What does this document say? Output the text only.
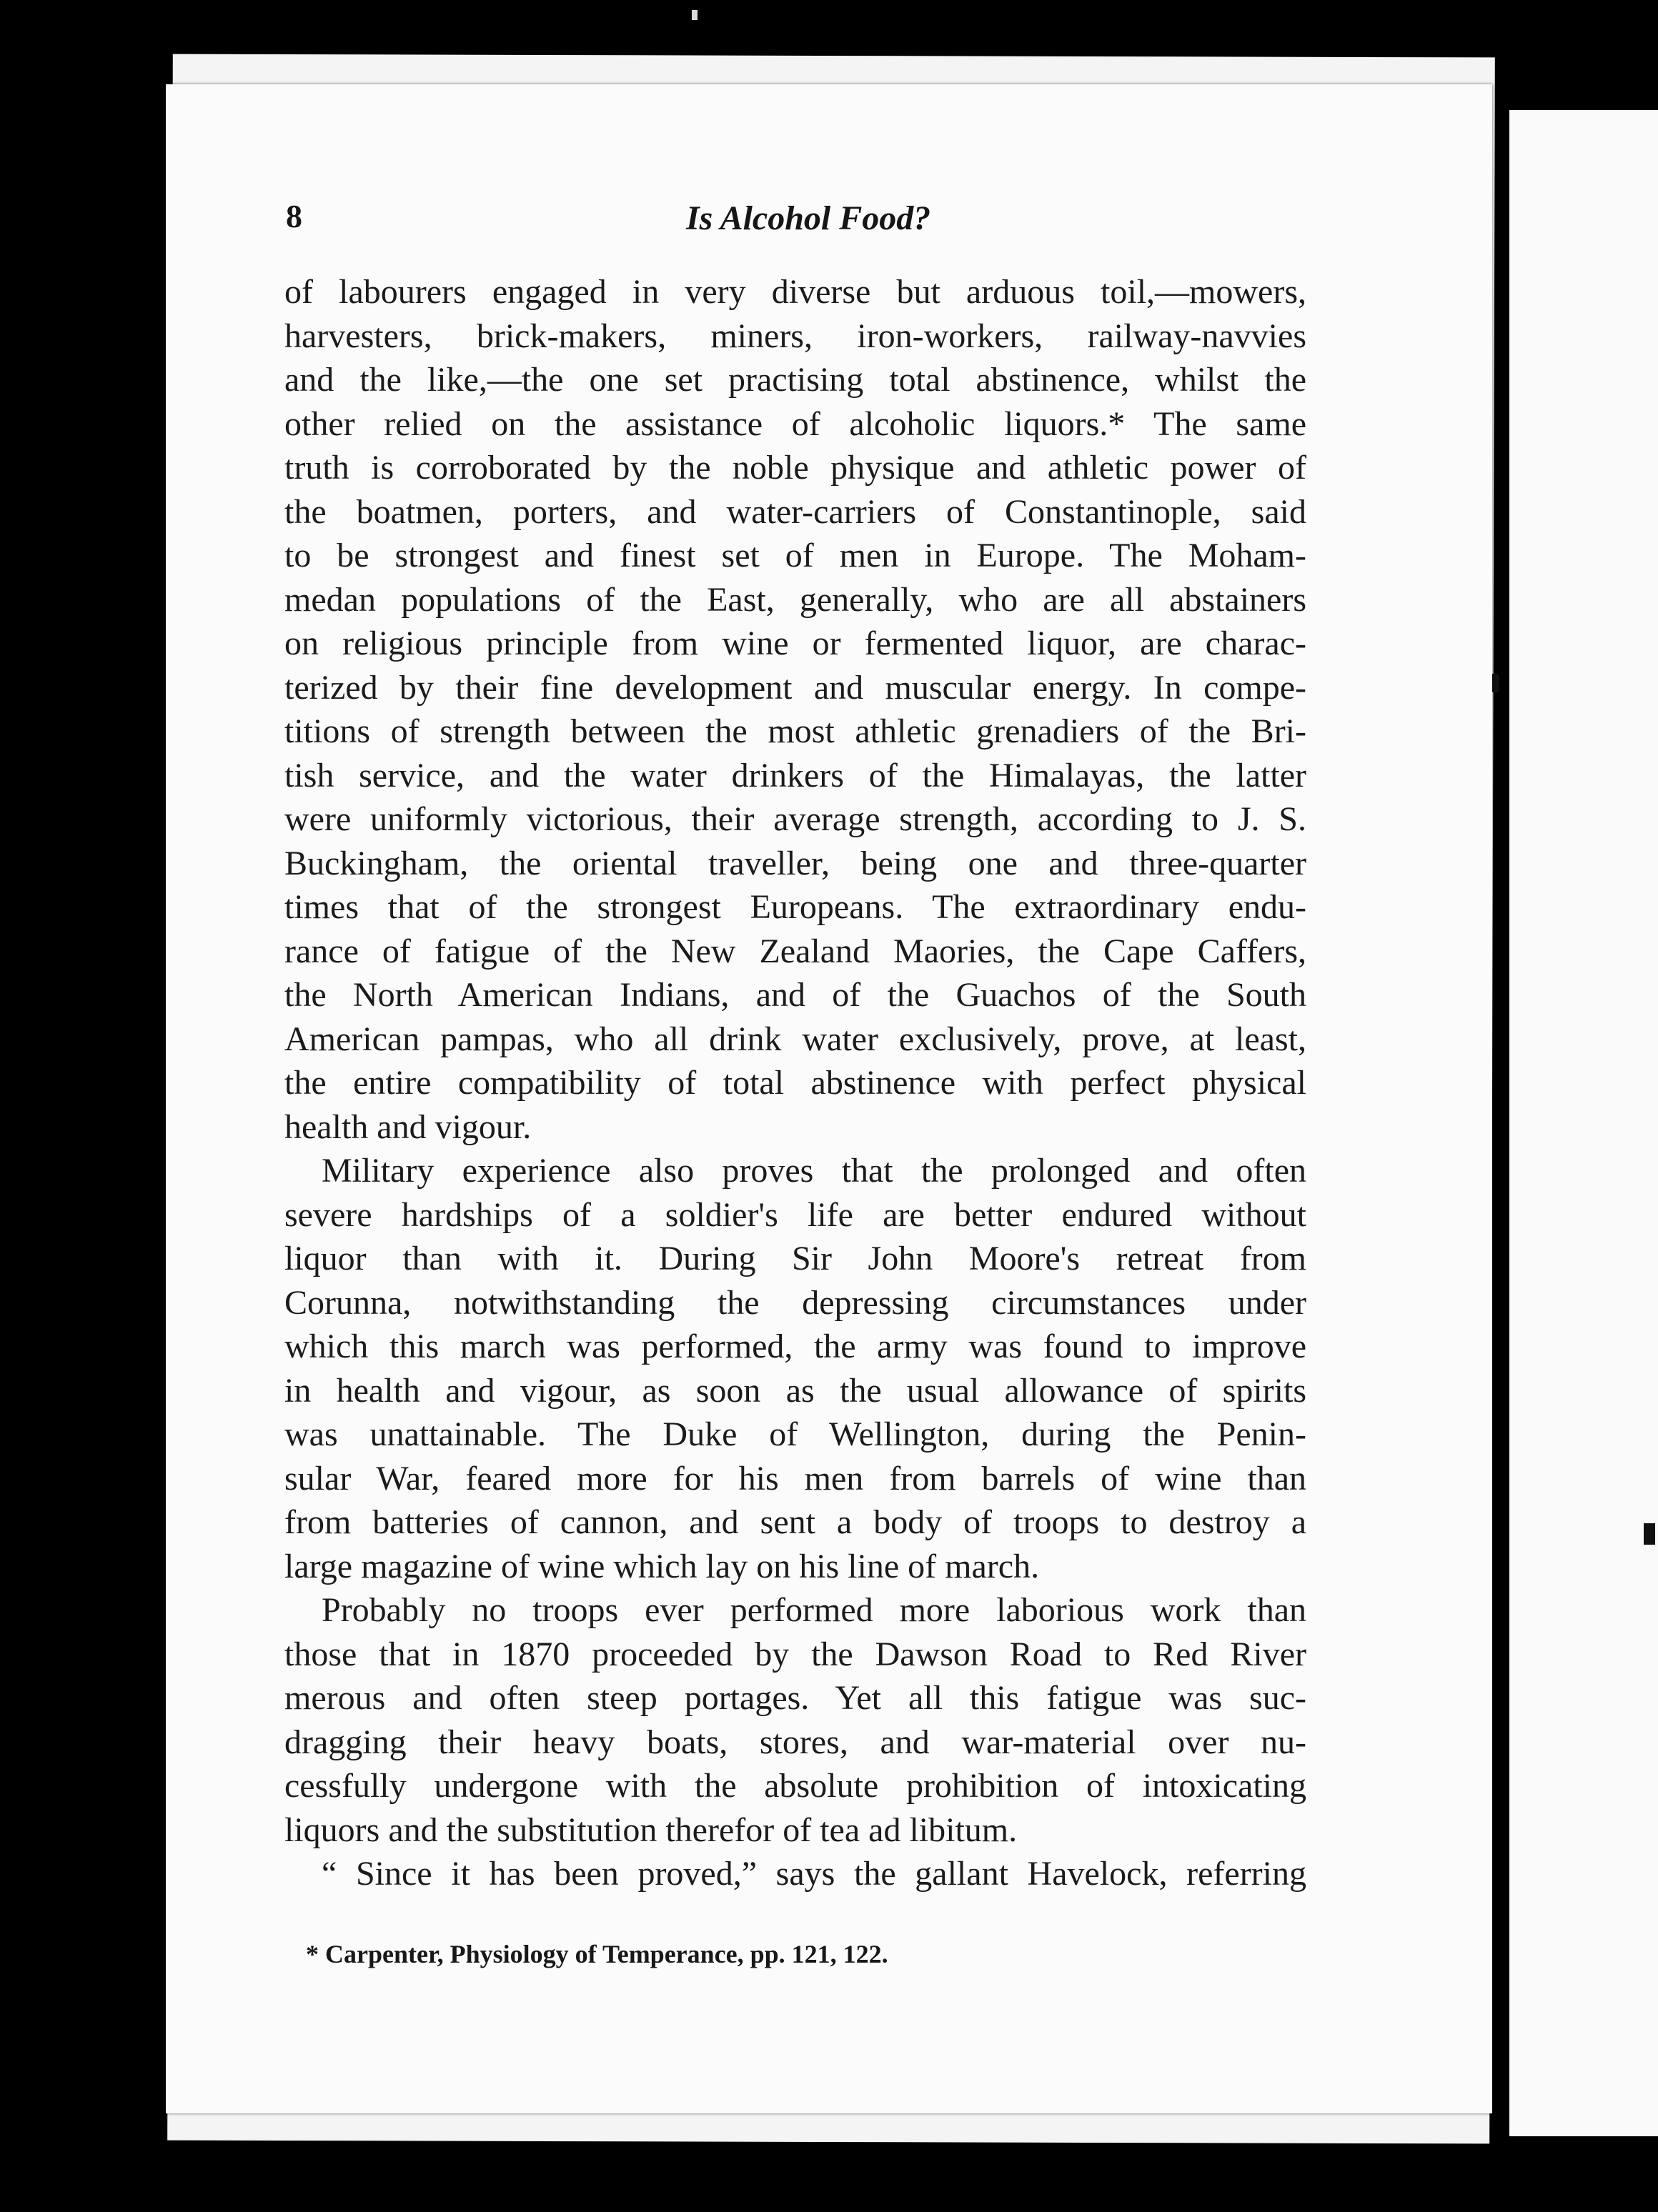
8	Is Alcohol Food?
of labourers engaged in very diverse but arduous toil,—mowers,
harvesters, brick-makers, miners, iron-workers, railway-navvies
and the like,—the one set practising total abstinence, whilst the
other relied on the assistance of alcoholic liquors.* The same
truth is corroborated by the noble physique and athletic power of
the boatmen, porters, and water-carriers of Constantinople, said
to be strongest and finest set of men in Europe. The Moham-
medan populations of the East, generally, who are all abstainers
on religious principle from wine or fermented liquor, are charac-
terized by their fine development and muscular energy. In compe-
titions of strength between the most athletic grenadiers of the Bri-
tish service, and the water drinkers of the Himalayas, the latter
were uniformly victorious, their average strength, according to J. S.
Buckingham, the oriental traveller, being one and three-quarter
times that of the strongest Europeans. The extraordinary endu-
rance of fatigue of the New Zealand Maories, the Cape Caffers,
the North American Indians, and of the Guachos of the South
American pampas, who all drink water exclusively, prove, at least,
the entire compatibility of total abstinence with perfect physical
health and vigour.
Military experience also proves that the prolonged and often
severe hardships of a soldier's life are better endured without
liquor than with it. During Sir John Moore's retreat from
Corunna, notwithstanding the depressing circumstances under
which this march was performed, the army was found to improve
in health and vigour, as soon as the usual allowance of spirits
was unattainable. The Duke of Wellington, during the Penin-
sular War, feared more for his men from barrels of wine than
from batteries of cannon, and sent a body of troops to destroy a
large magazine of wine which lay on his line of march.
Probably no troops ever performed more laborious work than
those that in 1870 proceeded by the Dawson Road to Red River
merous and often steep portages. Yet all this fatigue was suc-
dragging their heavy boats, stores, and war-material over nu-
cessfully undergone with the absolute prohibition of intoxicating
liquors and the substitution therefor of tea ad libitum.
“ Since it has been proved,” says the gallant Havelock, referring
* Carpenter, Physiology of Temperance, pp. 121, 122.
